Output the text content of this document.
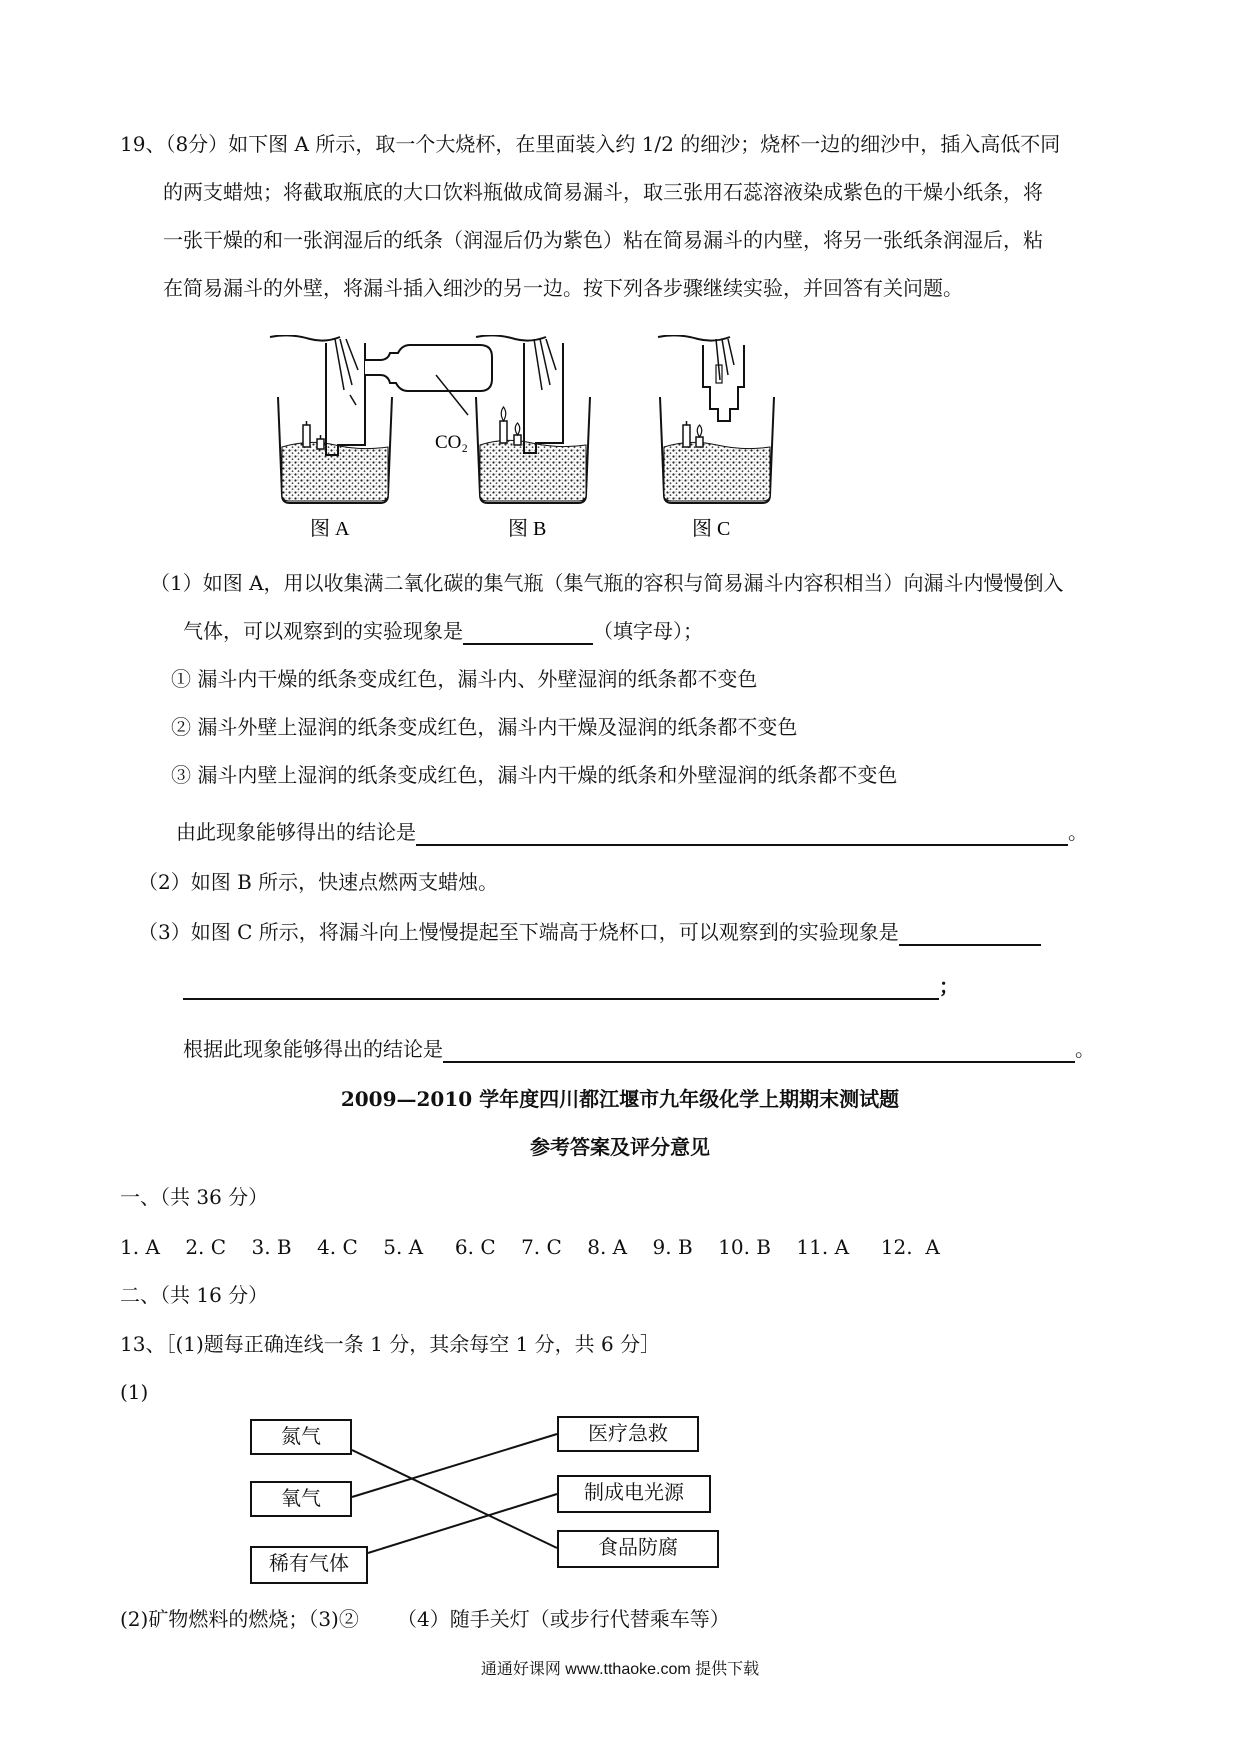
19、（8分）如下图 A 所示，取一个大烧杯，在里面装入约 1/2 的细沙；烧杯一边的细沙中，插入高低不同
的两支蜡烛；将截取瓶底的大口饮料瓶做成简易漏斗，取三张用石蕊溶液染成紫色的干燥小纸条，将
一张干燥的和一张润湿后的纸条（润湿后仍为紫色）粘在简易漏斗的内壁，将另一张纸条润湿后，粘
在简易漏斗的外壁，将漏斗插入细沙的另一边。按下列各步骤继续实验，并回答有关问题。
CO₂
图 A	图 B	图 C
（1）如图 A，用以收集满二氧化碳的集气瓶（集气瓶的容积与简易漏斗内容积相当）向漏斗内慢慢倒入
气体，可以观察到的实验现象是	（填字母）；
① 漏斗内干燥的纸条变成红色，漏斗内、外壁湿润的纸条都不变色
② 漏斗外壁上湿润的纸条变成红色，漏斗内干燥及湿润的纸条都不变色
③ 漏斗内壁上湿润的纸条变成红色，漏斗内干燥的纸条和外壁湿润的纸条都不变色
由此现象能够得出的结论是	。
（2）如图 B 所示，快速点燃两支蜡烛。
（3）如图 C 所示，将漏斗向上慢慢提起至下端高于烧杯口，可以观察到的实验现象是
；
根据此现象能够得出的结论是	。
2009—2010 学年度四川都江堰市九年级化学上期期末测试题
参考答案及评分意见
一、（共 36 分）
1. A    2. C    3. B    4. C    5. A     6. C    7. C    8. A    9. B    10. B    11. A     12.  A
二、（共 16 分）
13、［(1)题每正确连线一条 1 分，其余每空 1 分，共 6 分］
(1)
氮气
氧气
稀有气体
医疗急救
制成电光源
食品防腐
(2)矿物燃料的燃烧；（3)②      （4）随手关灯（或步行代替乘车等）
通通好课网 www.tthaoke.com 提供下载
